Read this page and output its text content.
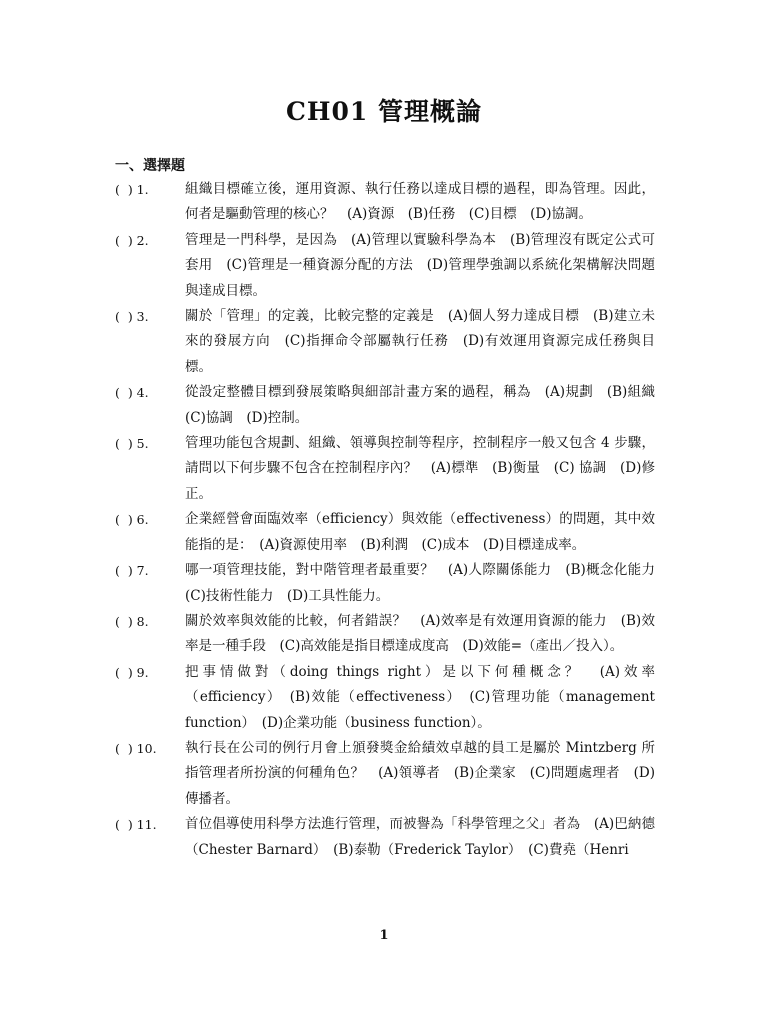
CH01 管理概論
一、選擇題
(  ) 1.	組織目標確立後，運用資源、執行任務以達成目標的過程，即為管理。因此，何者是驅動管理的核心？　(A)資源　(B)任務　(C)目標　(D)協調。
(  ) 2.	管理是一門科學，是因為　(A)管理以實驗科學為本　(B)管理沒有既定公式可套用　(C)管理是一種資源分配的方法　(D)管理學強調以系統化架構解決問題與達成目標。
(  ) 3.	關於「管理」的定義，比較完整的定義是　(A)個人努力達成目標　(B)建立未來的發展方向　(C)指揮命令部屬執行任務　(D)有效運用資源完成任務與目標。
(  ) 4.	從設定整體目標到發展策略與細部計畫方案的過程，稱為　(A)規劃　(B)組織　(C)協調　(D)控制。
(  ) 5.	管理功能包含規劃、組織、領導與控制等程序，控制程序一般又包含 4 步驟，請問以下何步驟不包含在控制程序內？　(A)標準　(B)衡量　(C) 協調　(D)修正。
(  ) 6.	企業經營會面臨效率（efficiency）與效能（effectiveness）的問題，其中效能指的是：　(A)資源使用率　(B)利潤　(C)成本　(D)目標達成率。
(  ) 7.	哪一項管理技能，對中階管理者最重要？　(A)人際關係能力　(B)概念化能力　(C)技術性能力　(D)工具性能力。
(  ) 8.	關於效率與效能的比較，何者錯誤？　(A)效率是有效運用資源的能力　(B)效率是一種手段　(C)高效能是指目標達成度高　(D)效能=（產出／投入）。
(  ) 9.	把事情做對（doing things right）是以下何種概念？　(A)效率（efficiency）　(B)效能（effectiveness）　(C)管理功能（management function）　(D)企業功能（business function）。
(  ) 10.	執行長在公司的例行月會上頒發獎金給績效卓越的員工是屬於 Mintzberg 所指管理者所扮演的何種角色？　(A)領導者　(B)企業家　(C)問題處理者　(D)傳播者。
(  ) 11.	首位倡導使用科學方法進行管理，而被譽為「科學管理之父」者為　(A)巴納德（Chester Barnard）　(B)泰勒（Frederick Taylor）　(C)費堯（Henri
1
